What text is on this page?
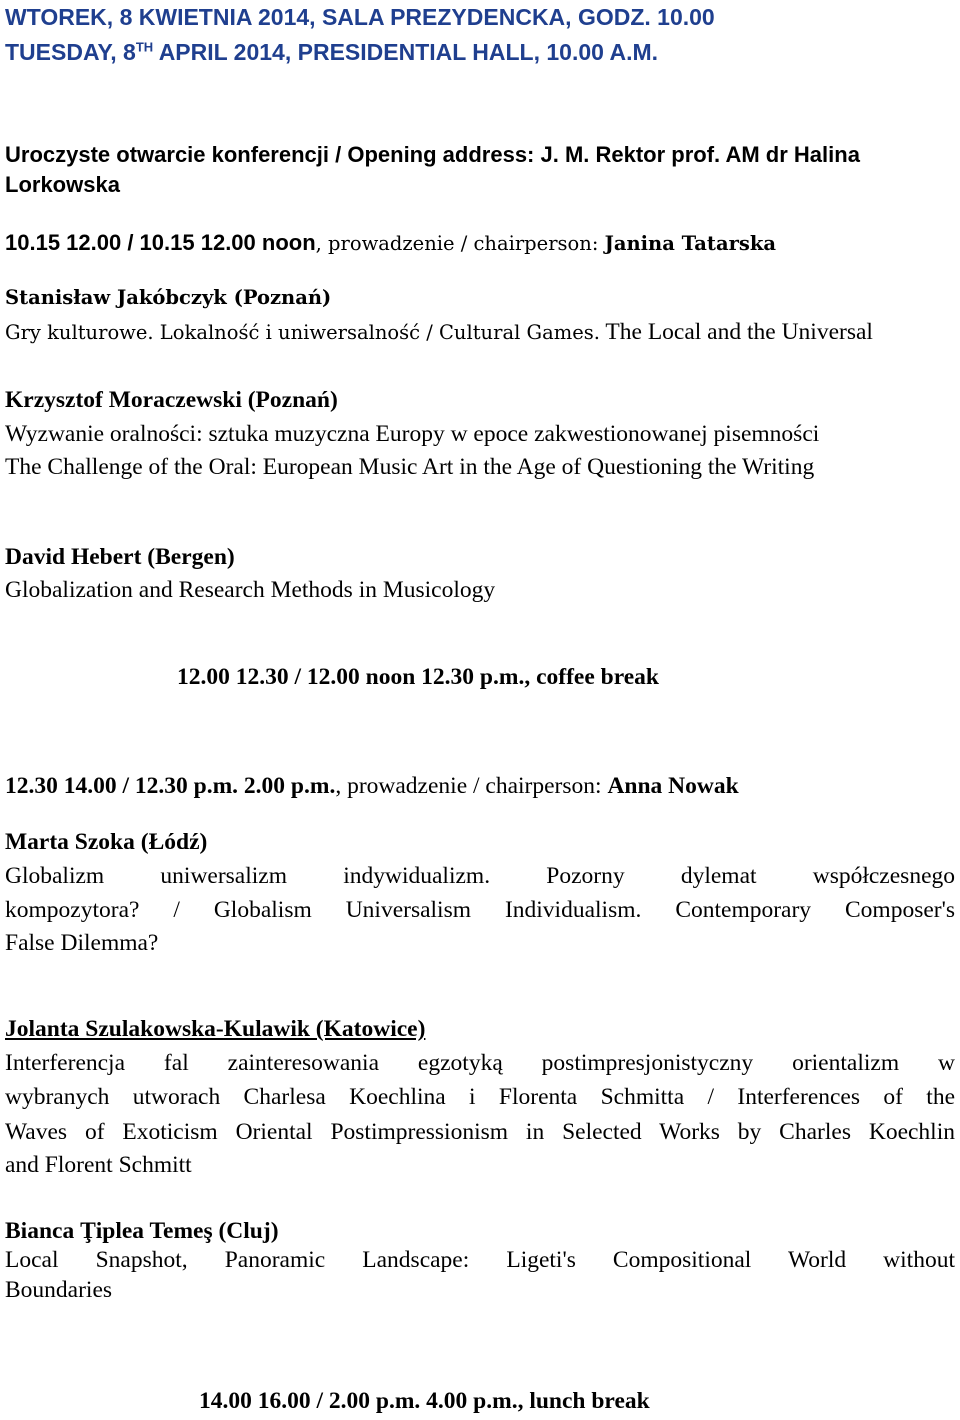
WTOREK, 8 KWIETNIA 2014, SALA PREZYDENCKA, GODZ. 10.00
TUESDAY, 8TH APRIL 2014, PRESIDENTIAL HALL, 10.00 A.M.
Uroczyste otwarcie konferencji / Opening address: J. M. Rektor prof. AM dr Halina
Lorkowska
10.15 12.00 / 10.15 12.00 noon, prowadzenie / chairperson: Janina Tatarska
Stanisław Jakóbczyk (Poznań)
Gry kulturowe. Lokalność i uniwersalność / Cultural Games. The Local and the Universal
Krzysztof Moraczewski (Poznań)
Wyzwanie oralności: sztuka muzyczna Europy w epoce zakwestionowanej pisemności
The Challenge of the Oral: European Music Art in the Age of Questioning the Writing
David Hebert (Bergen)
Globalization and Research Methods in Musicology
12.00 12.30 / 12.00 noon 12.30 p.m., coffee break
12.30 14.00 / 12.30 p.m. 2.00 p.m., prowadzenie / chairperson: Anna Nowak
Marta Szoka (Łódź)
Globalizm uniwersalizm indywidualizm. Pozorny dylemat współczesnego
kompozytora? / Globalism Universalism Individualism. Contemporary Composer's
False Dilemma?
Jolanta Szulakowska-Kulawik (Katowice)
Interferencja fal zainteresowania egzotyką postimpresjonistyczny orientalizm w
wybranych utworach Charlesa Koechlina i Florenta Schmitta / Interferences of the
Waves of Exoticism Oriental Postimpressionism in Selected Works by Charles Koechlin
and Florent Schmitt
Bianca Ţiplea Temeş (Cluj)
Local Snapshot, Panoramic Landscape: Ligeti's Compositional World without
Boundaries
14.00 16.00 / 2.00 p.m. 4.00 p.m., lunch break
